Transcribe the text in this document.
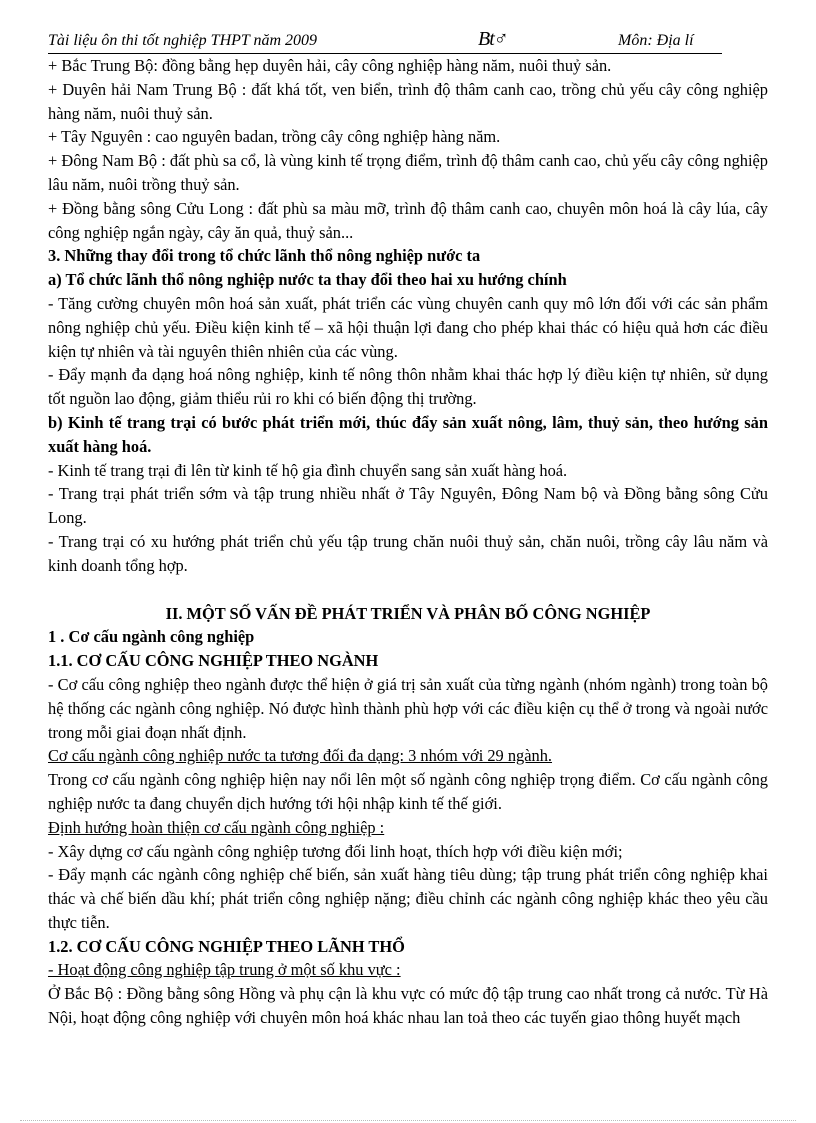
Tài liệu ôn thi tốt nghiệp THPT năm 2009	Bt♂	Môn: Địa lí

+ Bắc Trung Bộ: đồng bằng hẹp duyên hải, cây công nghiệp hàng năm, nuôi thuỷ sản.

+ Duyên hải Nam Trung Bộ : đất khá tốt, ven biển, trình độ thâm canh cao, trồng chủ yếu cây công nghiệp hàng năm, nuôi thuỷ sản.

+ Tây Nguyên : cao nguyên badan, trồng cây công nghiệp hàng năm.

+ Đông Nam Bộ : đất phù sa cổ, là vùng kinh tế trọng điểm, trình độ thâm canh cao, chủ yếu cây công nghiệp lâu năm, nuôi trồng thuỷ sản.

+ Đồng bằng sông Cửu Long : đất phù sa màu mỡ, trình độ thâm canh cao, chuyên môn hoá là cây lúa, cây công nghiệp ngắn ngày, cây ăn quả, thuỷ sản...

3. Những thay đổi trong tổ chức lãnh thổ nông nghiệp nước ta

a) Tổ chức lãnh thổ nông nghiệp nước ta thay đổi theo hai xu hướng chính

- Tăng cường chuyên môn hoá sản xuất, phát triển các vùng chuyên canh quy mô lớn đối với các sản phẩm nông nghiệp chủ yếu. Điều kiện kinh tế – xã hội thuận lợi đang cho phép khai thác có hiệu quả hơn các điều kiện tự nhiên và tài nguyên thiên nhiên của các vùng.

- Đẩy mạnh đa dạng hoá nông nghiệp, kinh tế nông thôn nhằm khai thác hợp lý điều kiện tự nhiên, sử dụng tốt nguồn lao động, giảm thiểu rủi ro khi có biến động thị trường.

b) Kinh tế trang trại có bước phát triển mới, thúc đẩy sản xuất nông, lâm, thuỷ sản, theo hướng sản xuất hàng hoá.

- Kinh tế trang trại đi lên từ kinh tế hộ gia đình chuyển sang sản xuất hàng hoá.

- Trang trại phát triển sớm và tập trung nhiều nhất ở Tây Nguyên, Đông Nam bộ và Đồng bằng sông Cửu Long.

- Trang trại có xu hướng phát triển chủ yếu tập trung chăn nuôi thuỷ sản, chăn nuôi, trồng cây lâu năm và kinh doanh tổng hợp.

II. MỘT SỐ VẤN ĐỀ PHÁT TRIỂN VÀ PHÂN BỐ CÔNG NGHIỆP

1 . Cơ cấu ngành công nghiệp

1.1. CƠ CẤU CÔNG NGHIỆP THEO NGÀNH

- Cơ cấu công nghiệp theo ngành được thể hiện ở giá trị sản xuất của từng ngành (nhóm ngành) trong toàn bộ hệ thống các ngành công nghiệp. Nó được hình thành phù hợp với các điều kiện cụ thể ở trong và ngoài nước trong mỗi giai đoạn nhất định.

Cơ cấu ngành công nghiệp nước ta tương đối đa dạng: 3 nhóm với 29 ngành.

Trong cơ cấu ngành công nghiệp hiện nay nổi lên một số ngành công nghiệp trọng điểm. Cơ cấu ngành công nghiệp nước ta đang chuyển dịch hướng tới hội nhập kinh tế thế giới.

Định hướng hoàn thiện cơ cấu ngành công nghiệp :

- Xây dựng cơ cấu ngành công nghiệp tương đối linh hoạt, thích hợp với điều kiện mới;

- Đẩy mạnh các ngành công nghiệp chế biến, sản xuất hàng tiêu dùng; tập trung phát triển công nghiệp khai thác và chế biến dầu khí; phát triển công nghiệp nặng; điều chỉnh các ngành công nghiệp khác theo yêu cầu thực tiễn.

1.2. CƠ CẤU CÔNG NGHIỆP THEO LÃNH THỔ

- Hoạt động công nghiệp tập trung ở một số khu vực :

Ở Bắc Bộ : Đồng bằng sông Hồng và phụ cận là khu vực có mức độ tập trung cao nhất trong cả nước. Từ Hà Nội, hoạt động công nghiệp với chuyên môn hoá khác nhau lan toả theo các tuyến giao thông huyết mạch
